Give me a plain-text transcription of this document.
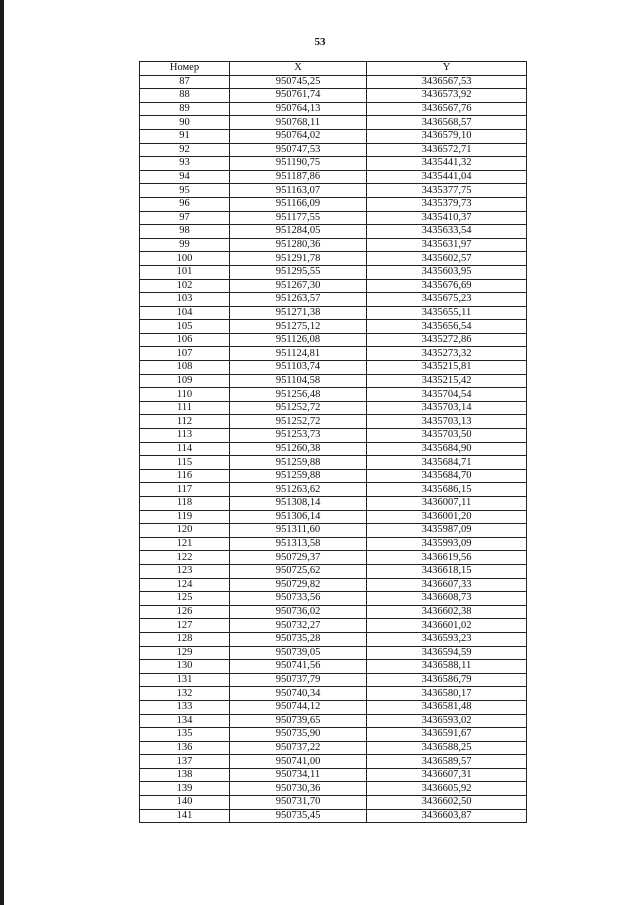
53
Номер	X	Y
87	950745,25	3436567,53
88	950761,74	3436573,92
89	950764,13	3436567,76
90	950768,11	3436568,57
91	950764,02	3436579,10
92	950747,53	3436572,71
93	951190,75	3435441,32
94	951187,86	3435441,04
95	951163,07	3435377,75
96	951166,09	3435379,73
97	951177,55	3435410,37
98	951284,05	3435633,54
99	951280,36	3435631,97
100	951291,78	3435602,57
101	951295,55	3435603,95
102	951267,30	3435676,69
103	951263,57	3435675,23
104	951271,38	3435655,11
105	951275,12	3435656,54
106	951126,08	3435272,86
107	951124,81	3435273,32
108	951103,74	3435215,81
109	951104,58	3435215,42
110	951256,48	3435704,54
111	951252,72	3435703,14
112	951252,72	3435703,13
113	951253,73	3435703,50
114	951260,38	3435684,90
115	951259,88	3435684,71
116	951259,88	3435684,70
117	951263,62	3435686,15
118	951308,14	3436007,11
119	951306,14	3436001,20
120	951311,60	3435987,09
121	951313,58	3435993,09
122	950729,37	3436619,56
123	950725,62	3436618,15
124	950729,82	3436607,33
125	950733,56	3436608,73
126	950736,02	3436602,38
127	950732,27	3436601,02
128	950735,28	3436593,23
129	950739,05	3436594,59
130	950741,56	3436588,11
131	950737,79	3436586,79
132	950740,34	3436580,17
133	950744,12	3436581,48
134	950739,65	3436593,02
135	950735,90	3436591,67
136	950737,22	3436588,25
137	950741,00	3436589,57
138	950734,11	3436607,31
139	950730,36	3436605,92
140	950731,70	3436602,50
141	950735,45	3436603,87
